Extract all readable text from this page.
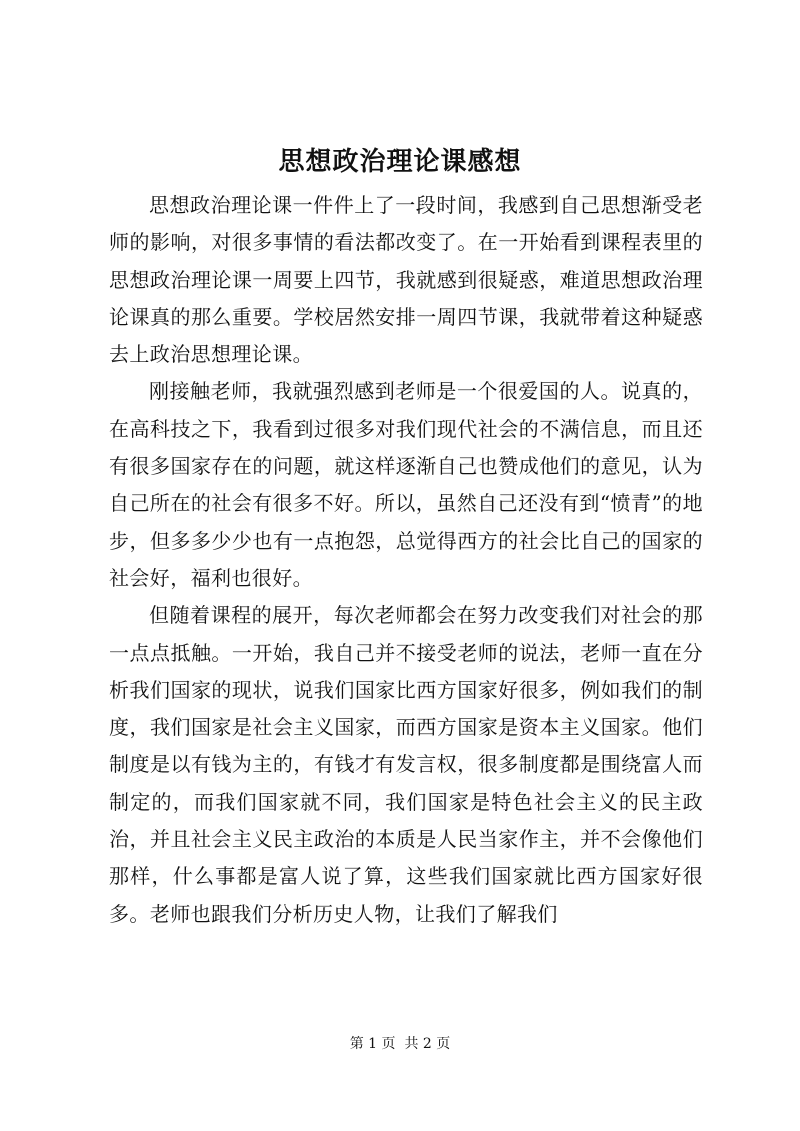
思想政治理论课感想

思想政治理论课一件件上了一段时间，我感到自己思想渐受老师的影响，对很多事情的看法都改变了。在一开始看到课程表里的思想政治理论课一周要上四节，我就感到很疑惑，难道思想政治理论课真的那么重要。学校居然安排一周四节课，我就带着这种疑惑去上政治思想理论课。

刚接触老师，我就强烈感到老师是一个很爱国的人。说真的，在高科技之下，我看到过很多对我们现代社会的不满信息，而且还有很多国家存在的问题，就这样逐渐自己也赞成他们的意见，认为自己所在的社会有很多不好。所以，虽然自己还没有到“愤青”的地步，但多多少少也有一点抱怨，总觉得西方的社会比自己的国家的社会好，福利也很好。

但随着课程的展开，每次老师都会在努力改变我们对社会的那一点点抵触。一开始，我自己并不接受老师的说法，老师一直在分析我们国家的现状，说我们国家比西方国家好很多，例如我们的制度，我们国家是社会主义国家，而西方国家是资本主义国家。他们制度是以有钱为主的，有钱才有发言权，很多制度都是围绕富人而制定的，而我们国家就不同，我们国家是特色社会主义的民主政治，并且社会主义民主政治的本质是人民当家作主，并不会像他们那样，什么事都是富人说了算，这些我们国家就比西方国家好很多。老师也跟我们分析历史人物，让我们了解我们

第 1 页  共 2 页
